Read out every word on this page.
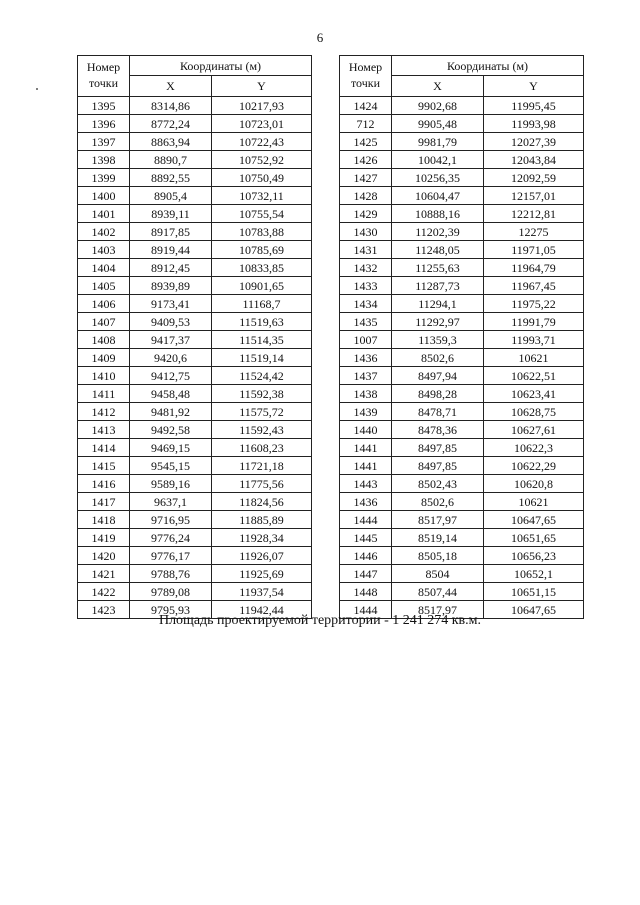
6
Номер точки	Координаты (м)	
	X	Y
1395	8314,86	10217,93
1396	8772,24	10723,01
1397	8863,94	10722,43
1398	8890,7	10752,92
1399	8892,55	10750,49
1400	8905,4	10732,11
1401	8939,11	10755,54
1402	8917,85	10783,88
1403	8919,44	10785,69
1404	8912,45	10833,85
1405	8939,89	10901,65
1406	9173,41	11168,7
1407	9409,53	11519,63
1408	9417,37	11514,35
1409	9420,6	11519,14
1410	9412,75	11524,42
1411	9458,48	11592,38
1412	9481,92	11575,72
1413	9492,58	11592,43
1414	9469,15	11608,23
1415	9545,15	11721,18
1416	9589,16	11775,56
1417	9637,1	11824,56
1418	9716,95	11885,89
1419	9776,24	11928,34
1420	9776,17	11926,07
1421	9788,76	11925,69
1422	9789,08	11937,54
1423	9795,93	11942,44
Номер точки	Координаты (м)	
	X	Y
1424	9902,68	11995,45
712	9905,48	11993,98
1425	9981,79	12027,39
1426	10042,1	12043,84
1427	10256,35	12092,59
1428	10604,47	12157,01
1429	10888,16	12212,81
1430	11202,39	12275
1431	11248,05	11971,05
1432	11255,63	11964,79
1433	11287,73	11967,45
1434	11294,1	11975,22
1435	11292,97	11991,79
1007	11359,3	11993,71
1436	8502,6	10621
1437	8497,94	10622,51
1438	8498,28	10623,41
1439	8478,71	10628,75
1440	8478,36	10627,61
1441	8497,85	10622,3
1441	8497,85	10622,29
1443	8502,43	10620,8
1436	8502,6	10621
1444	8517,97	10647,65
1445	8519,14	10651,65
1446	8505,18	10656,23
1447	8504	10652,1
1448	8507,44	10651,15
1444	8517,97	10647,65
Площадь проектируемой территории - 1 241 274 кв.м.
